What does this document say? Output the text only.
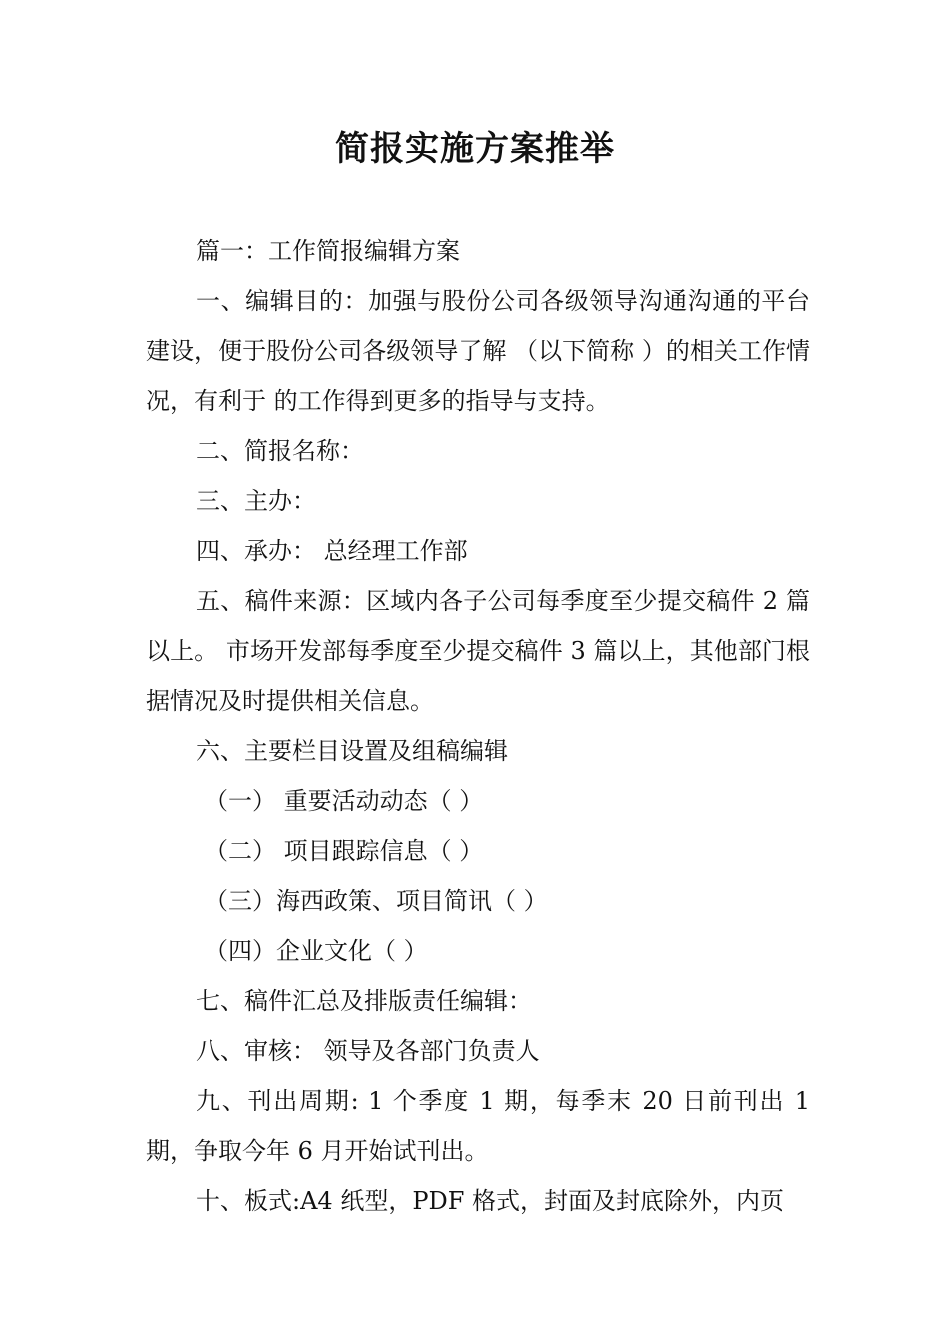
简报实施方案推举

篇一：工作简报编辑方案

一、编辑目的：加强与股份公司各级领导沟通沟通的平台建设，便于股份公司各级领导了解 （以下简称 ）的相关工作情况，有利于 的工作得到更多的指导与支持。

二、简报名称：

三、主办：

四、承办： 总经理工作部

五、稿件来源：区域内各子公司每季度至少提交稿件 2 篇以上。 市场开发部每季度至少提交稿件 3 篇以上，其他部门根据情况及时提供相关信息。

六、主要栏目设置及组稿编辑

（一） 重要活动动态（ ）

（二） 项目跟踪信息（ ）

（三）海西政策、项目简讯（ ）

（四）企业文化（ ）

七、稿件汇总及排版责任编辑：

八、审核： 领导及各部门负责人

九、刊出周期: 1 个季度 1 期，每季末 20 日前刊出 1 期，争取今年 6 月开始试刊出。

十、板式:A4 纸型，PDF 格式，封面及封底除外，内页
